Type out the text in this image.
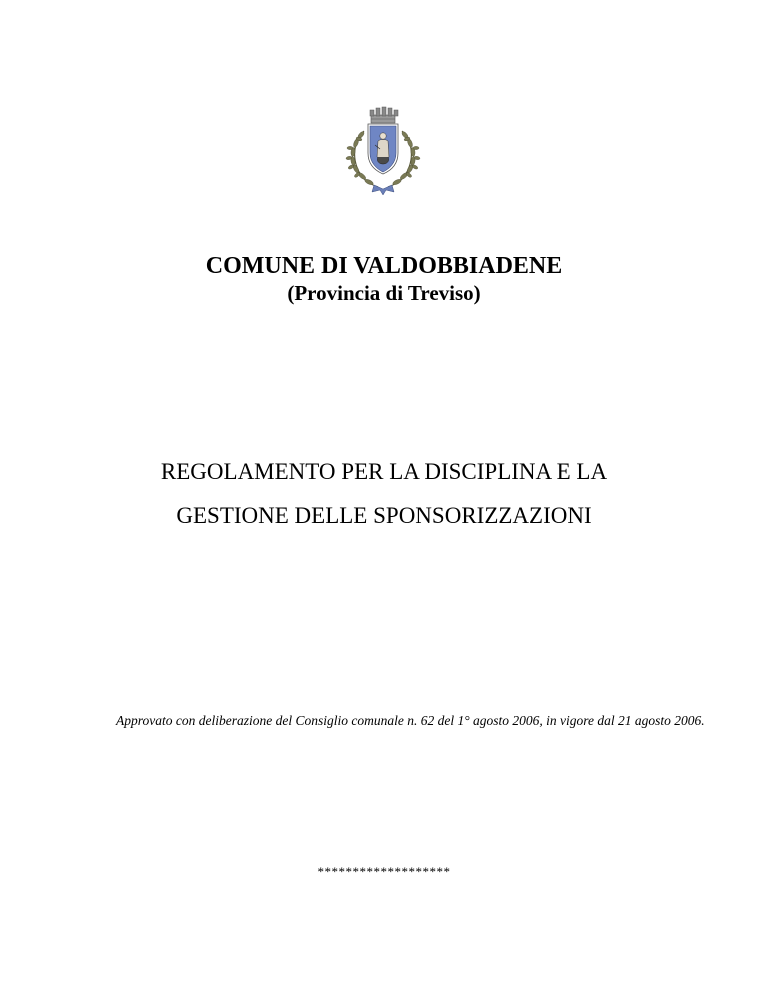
COMUNE DI VALDOBBIADENE
(Provincia di Treviso)
REGOLAMENTO PER LA DISCIPLINA E LA
GESTIONE DELLE SPONSORIZZAZIONI
Approvato con deliberazione del Consiglio comunale n. 62 del 1° agosto 2006, in vigore dal 21 agosto 2006.
*******************
